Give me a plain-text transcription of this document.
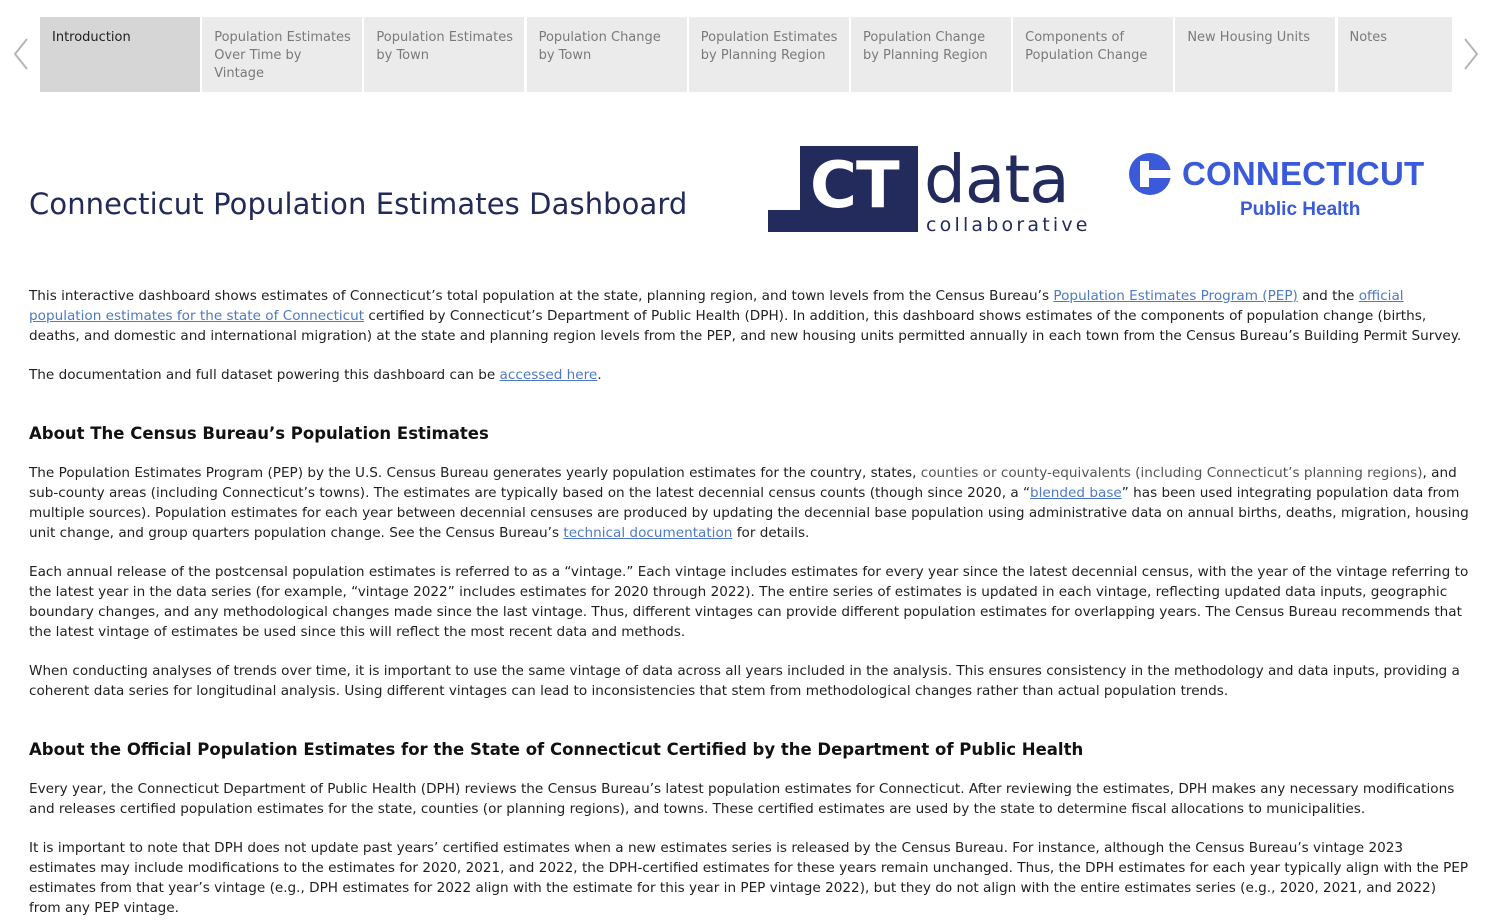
Introduction	Population Estimates Over Time by Vintage
Population Estimates by Town
Population Change by Town
Population Estimates by Planning Region
Population Change by Planning Region
Components of Population Change
New Housing Units	Notes
Connecticut Population Estimates Dashboard CT data
collaborative
CONNECTICUT
Public Health

This interactive dashboard shows estimates of Connecticut’s total population at the state, planning region, and town levels from the Census Bureau’s Population Estimates Program (PEP) and the official population estimates for the state of Connecticut certified by Connecticut’s Department of Public Health (DPH). In addition, this dashboard shows estimates of the components of population change (births, deaths, and domestic and international migration) at the state and planning region levels from the PEP, and new housing units permitted annually in each town from the Census Bureau’s Building Permit Survey.

The documentation and full dataset powering this dashboard can be accessed here.

About The Census Bureau’s Population Estimates

The Population Estimates Program (PEP) by the U.S. Census Bureau generates yearly population estimates for the country, states, counties or county-equivalents (including Connecticut’s planning regions), and sub-county areas (including Connecticut’s towns). The estimates are typically based on the latest decennial census counts (though since 2020, a “blended base” has been used integrating population data from multiple sources). Population estimates for each year between decennial censuses are produced by updating the decennial base population using administrative data on annual births, deaths, migration, housing unit change, and group quarters population change. See the Census Bureau’s technical documentation for details.

Each annual release of the postcensal population estimates is referred to as a “vintage.” Each vintage includes estimates for every year since the latest decennial census, with the year of the vintage referring to the latest year in the data series (for example, “vintage 2022” includes estimates for 2020 through 2022). The entire series of estimates is updated in each vintage, reflecting updated data inputs, geographic boundary changes, and any methodological changes made since the last vintage. Thus, different vintages can provide different population estimates for overlapping years. The Census Bureau recommends that the latest vintage of estimates be used since this will reflect the most recent data and methods.

When conducting analyses of trends over time, it is important to use the same vintage of data across all years included in the analysis. This ensures consistency in the methodology and data inputs, providing a coherent data series for longitudinal analysis. Using different vintages can lead to inconsistencies that stem from methodological changes rather than actual population trends.

About the Official Population Estimates for the State of Connecticut Certified by the Department of Public Health

Every year, the Connecticut Department of Public Health (DPH) reviews the Census Bureau’s latest population estimates for Connecticut. After reviewing the estimates, DPH makes any necessary modifications and releases certified population estimates for the state, counties (or planning regions), and towns. These certified estimates are used by the state to determine fiscal allocations to municipalities.

It is important to note that DPH does not update past years’ certified estimates when a new estimates series is released by the Census Bureau. For instance, although the Census Bureau’s vintage 2023 estimates may include modifications to the estimates for 2020, 2021, and 2022, the DPH-certified estimates for these years remain unchanged. Thus, the DPH estimates for each year typically align with the PEP estimates from that year’s vintage (e.g., DPH estimates for 2022 align with the estimate for this year in PEP vintage 2022), but they do not align with the entire estimates series (e.g., 2020, 2021, and 2022) from any PEP vintage.
